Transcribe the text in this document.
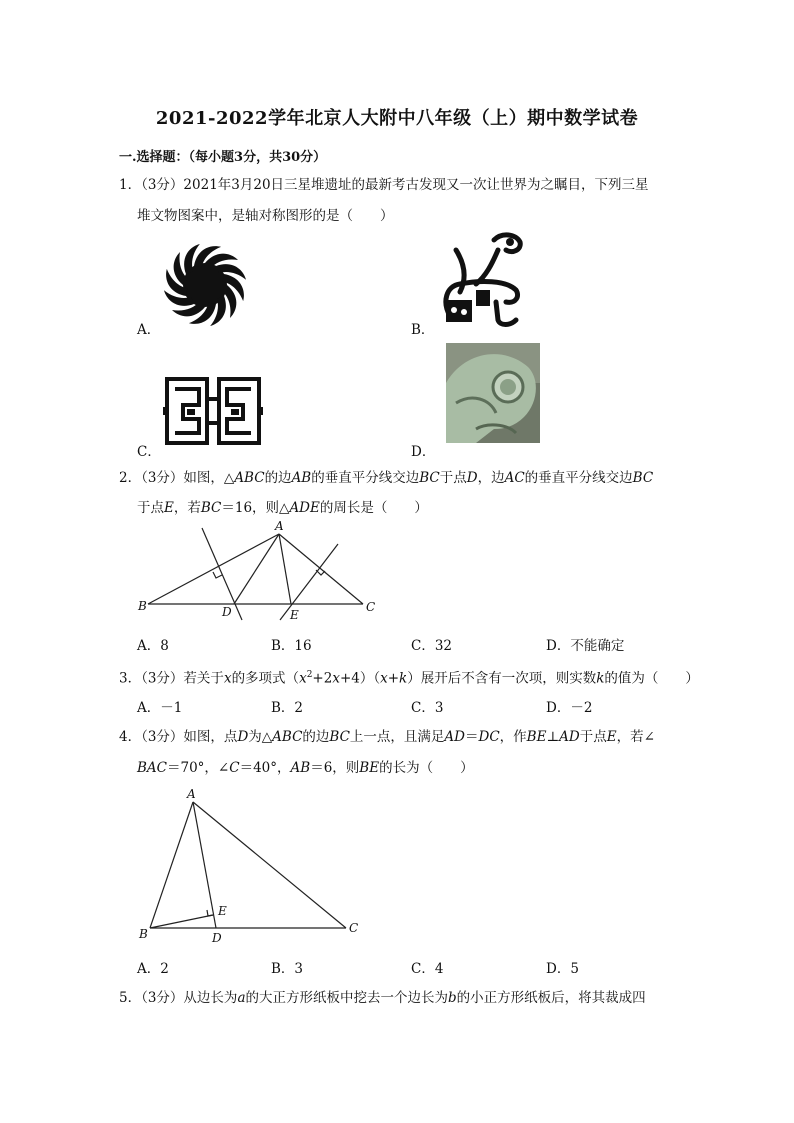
2021-2022学年北京人大附中八年级（上）期中数学试卷
一.选择题：（每小题3分，共30分）
1．（3分）2021年3月20日三星堆遗址的最新考古发现又一次让世界为之瞩目，下列三星
堆文物图案中，是轴对称图形的是（　　）
A．	B．
C．	D．
2．（3分）如图，△ABC的边AB的垂直平分线交边BC于点D，边AC的垂直平分线交边BC
于点E，若BC＝16，则△ADE的周长是（　　）
A
B	C
D	E
A．8	B．16	C．32	D．不能确定
3．（3分）若关于x的多项式$(x^2+2x+4)(x+k)$展开后不含有一次项，则实数k的值为（　　）
A．－1	B．2	C．3	D．－2
4．（3分）如图，点D为△ABC的边BC上一点，且满足AD＝DC，作BE⊥AD于点E，若∠
BAC＝70°，∠C＝40°，AB＝6，则BE的长为（　　）
A
B	C
D
E
A．2	B．3	C．4	D．5
5．（3分）从边长为a的大正方形纸板中挖去一个边长为b的小正方形纸板后，将其裁成四
